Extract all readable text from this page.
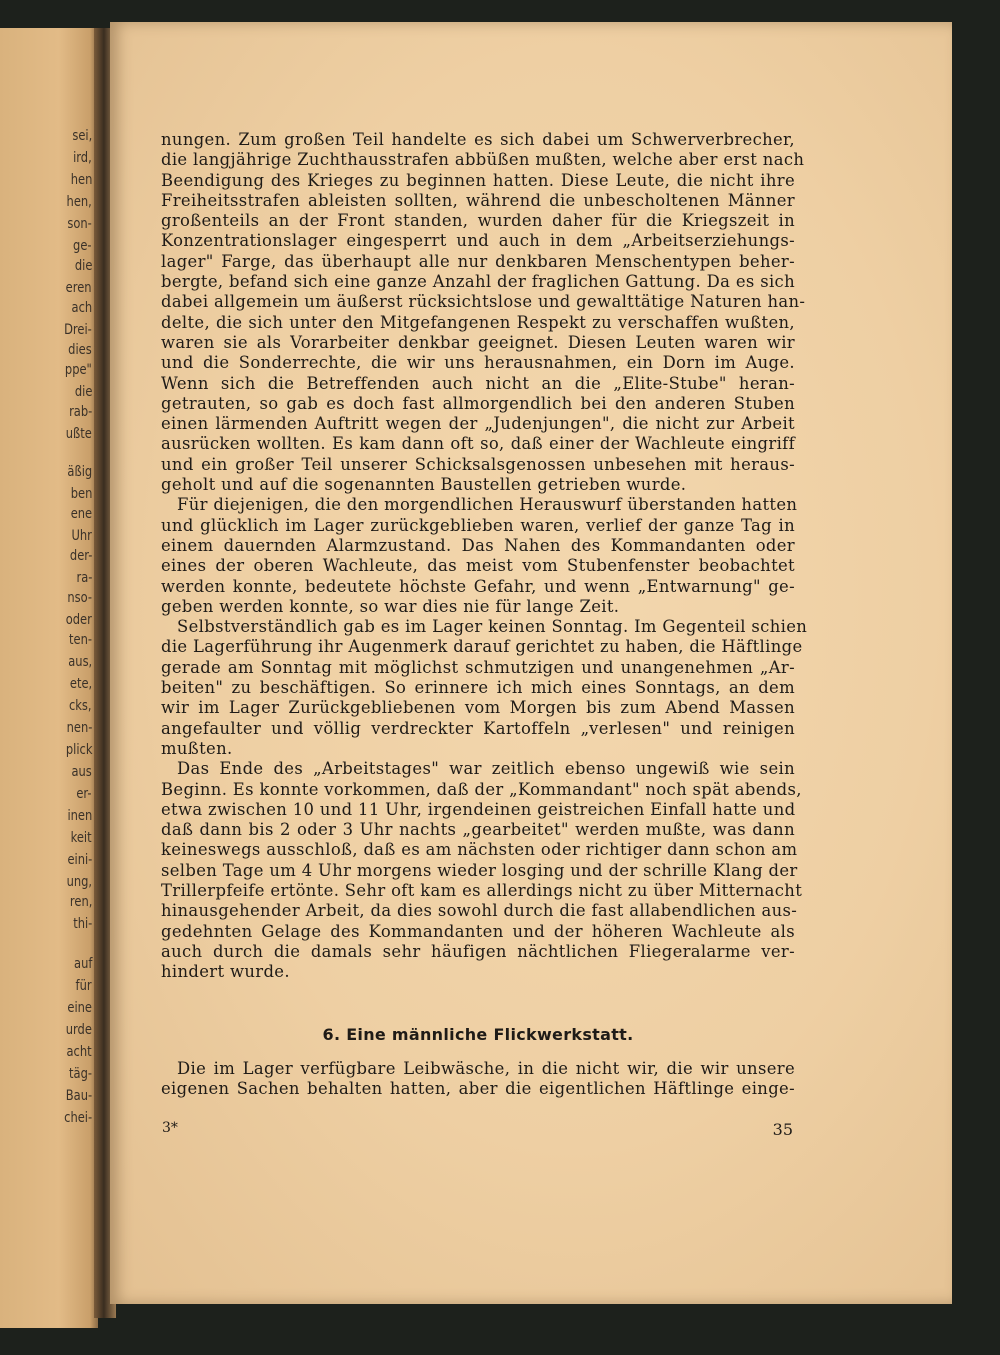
sei,
ird,
hen
hen,
son-
ge-
die
eren
ach
Drei-
dies
ppe"
die
rab-
ußte
äßig
ben
ene
Uhr
der-
ra-
nso-
oder
ten-
aus,
ete,
cks,
nen-
plick
aus
er-
inen
keit
eini-
ung,
ren,
thi-
auf
für
eine
urde
acht
täg-
Bau-
chei-
nungen. Zum großen Teil handelte es sich dabei um Schwerverbrecher,
die langjährige Zuchthausstrafen abbüßen mußten, welche aber erst nach
Beendigung des Krieges zu beginnen hatten. Diese Leute, die nicht ihre
Freiheitsstrafen ableisten sollten, während die unbescholtenen Männer
großenteils an der Front standen, wurden daher für die Kriegszeit in
Konzentrationslager eingesperrt und auch in dem „Arbeitserziehungs-
lager" Farge, das überhaupt alle nur denkbaren Menschentypen beher-
bergte, befand sich eine ganze Anzahl der fraglichen Gattung. Da es sich
dabei allgemein um äußerst rücksichtslose und gewalttätige Naturen han-
delte, die sich unter den Mitgefangenen Respekt zu verschaffen wußten,
waren sie als Vorarbeiter denkbar geeignet. Diesen Leuten waren wir
und die Sonderrechte, die wir uns herausnahmen, ein Dorn im Auge.
Wenn sich die Betreffenden auch nicht an die „Elite-Stube" heran-
getrauten, so gab es doch fast allmorgendlich bei den anderen Stuben
einen lärmenden Auftritt wegen der „Judenjungen", die nicht zur Arbeit
ausrücken wollten. Es kam dann oft so, daß einer der Wachleute eingriff
und ein großer Teil unserer Schicksalsgenossen unbesehen mit heraus-
geholt und auf die sogenannten Baustellen getrieben wurde.
Für diejenigen, die den morgendlichen Herauswurf überstanden hatten
und glücklich im Lager zurückgeblieben waren, verlief der ganze Tag in
einem dauernden Alarmzustand. Das Nahen des Kommandanten oder
eines der oberen Wachleute, das meist vom Stubenfenster beobachtet
werden konnte, bedeutete höchste Gefahr, und wenn „Entwarnung" ge-
geben werden konnte, so war dies nie für lange Zeit.
Selbstverständlich gab es im Lager keinen Sonntag. Im Gegenteil schien
die Lagerführung ihr Augenmerk darauf gerichtet zu haben, die Häftlinge
gerade am Sonntag mit möglichst schmutzigen und unangenehmen „Ar-
beiten" zu beschäftigen. So erinnere ich mich eines Sonntags, an dem
wir im Lager Zurückgebliebenen vom Morgen bis zum Abend Massen
angefaulter und völlig verdreckter Kartoffeln „verlesen" und reinigen
mußten.
Das Ende des „Arbeitstages" war zeitlich ebenso ungewiß wie sein
Beginn. Es konnte vorkommen, daß der „Kommandant" noch spät abends,
etwa zwischen 10 und 11 Uhr, irgendeinen geistreichen Einfall hatte und
daß dann bis 2 oder 3 Uhr nachts „gearbeitet" werden mußte, was dann
keineswegs ausschloß, daß es am nächsten oder richtiger dann schon am
selben Tage um 4 Uhr morgens wieder losging und der schrille Klang der
Trillerpfeife ertönte. Sehr oft kam es allerdings nicht zu über Mitternacht
hinausgehender Arbeit, da dies sowohl durch die fast allabendlichen aus-
gedehnten Gelage des Kommandanten und der höheren Wachleute als
auch durch die damals sehr häufigen nächtlichen Fliegeralarme ver-
hindert wurde.
6. Eine männliche Flickwerkstatt.
Die im Lager verfügbare Leibwäsche, in die nicht wir, die wir unsere
eigenen Sachen behalten hatten, aber die eigentlichen Häftlinge einge-
3*	35
